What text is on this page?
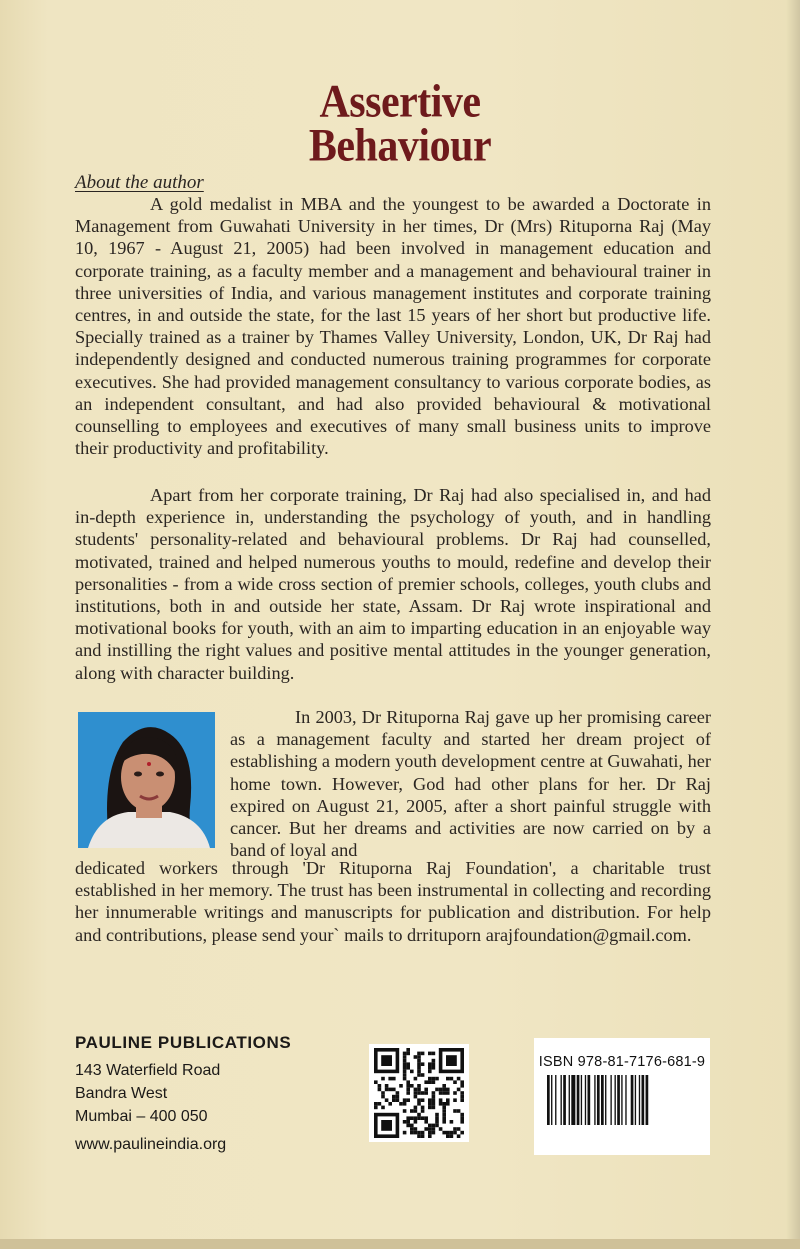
Assertive
Behaviour
About the author

A gold medalist in MBA and the youngest to be awarded a Doctorate in Management from Guwahati University in her times, Dr (Mrs) Rituporna Raj (May 10, 1967 - August 21, 2005) had been involved in management education and corporate training, as a faculty member and a management and behavioural trainer in three universities of India, and various management institutes and corporate training centres, in and outside the state, for the last 15 years of her short but productive life. Specially trained as a trainer by Thames Valley University, London, UK, Dr Raj had independently designed and conducted numerous training programmes for corporate executives. She had provided management consultancy to various corporate bodies, as an independent consultant, and had also provided behavioural & motivational counselling to employees and executives of many small business units to improve their productivity and profitability.

Apart from her corporate training, Dr Raj had also specialised in, and had in-depth experience in, understanding the psychology of youth, and in handling students' personality-related and behavioural problems. Dr Raj had counselled, motivated, trained and helped numerous youths to mould, redefine and develop their personalities - from a wide cross section of premier schools, colleges, youth clubs and institutions, both in and outside her state, Assam. Dr Raj wrote inspirational and motivational books for youth, with an aim to imparting education in an enjoyable way and instilling the right values and positive mental attitudes in the younger generation, along with character building.

In 2003, Dr Rituporna Raj gave up her promising career as a management faculty and started her dream project of establishing a modern youth development centre at Guwahati, her home town. However, God had other plans for her. Dr Raj expired on August 21, 2005, after a short painful struggle with cancer. But her dreams and activities are now carried on by a band of loyal and

dedicated workers through 'Dr Rituporna Raj Foundation', a charitable trust established in her memory. The trust has been instrumental in collecting and recording her innumerable writings and manuscripts for publication and distribution. For help and contributions, please send your` mails to drrituporn arajfoundation@gmail.com.

PAULINE PUBLICATIONS
143 Waterfield Road
Bandra West
Mumbai – 400 050
www.paulineindia.org
ISBN 978-81-7176-681-9
